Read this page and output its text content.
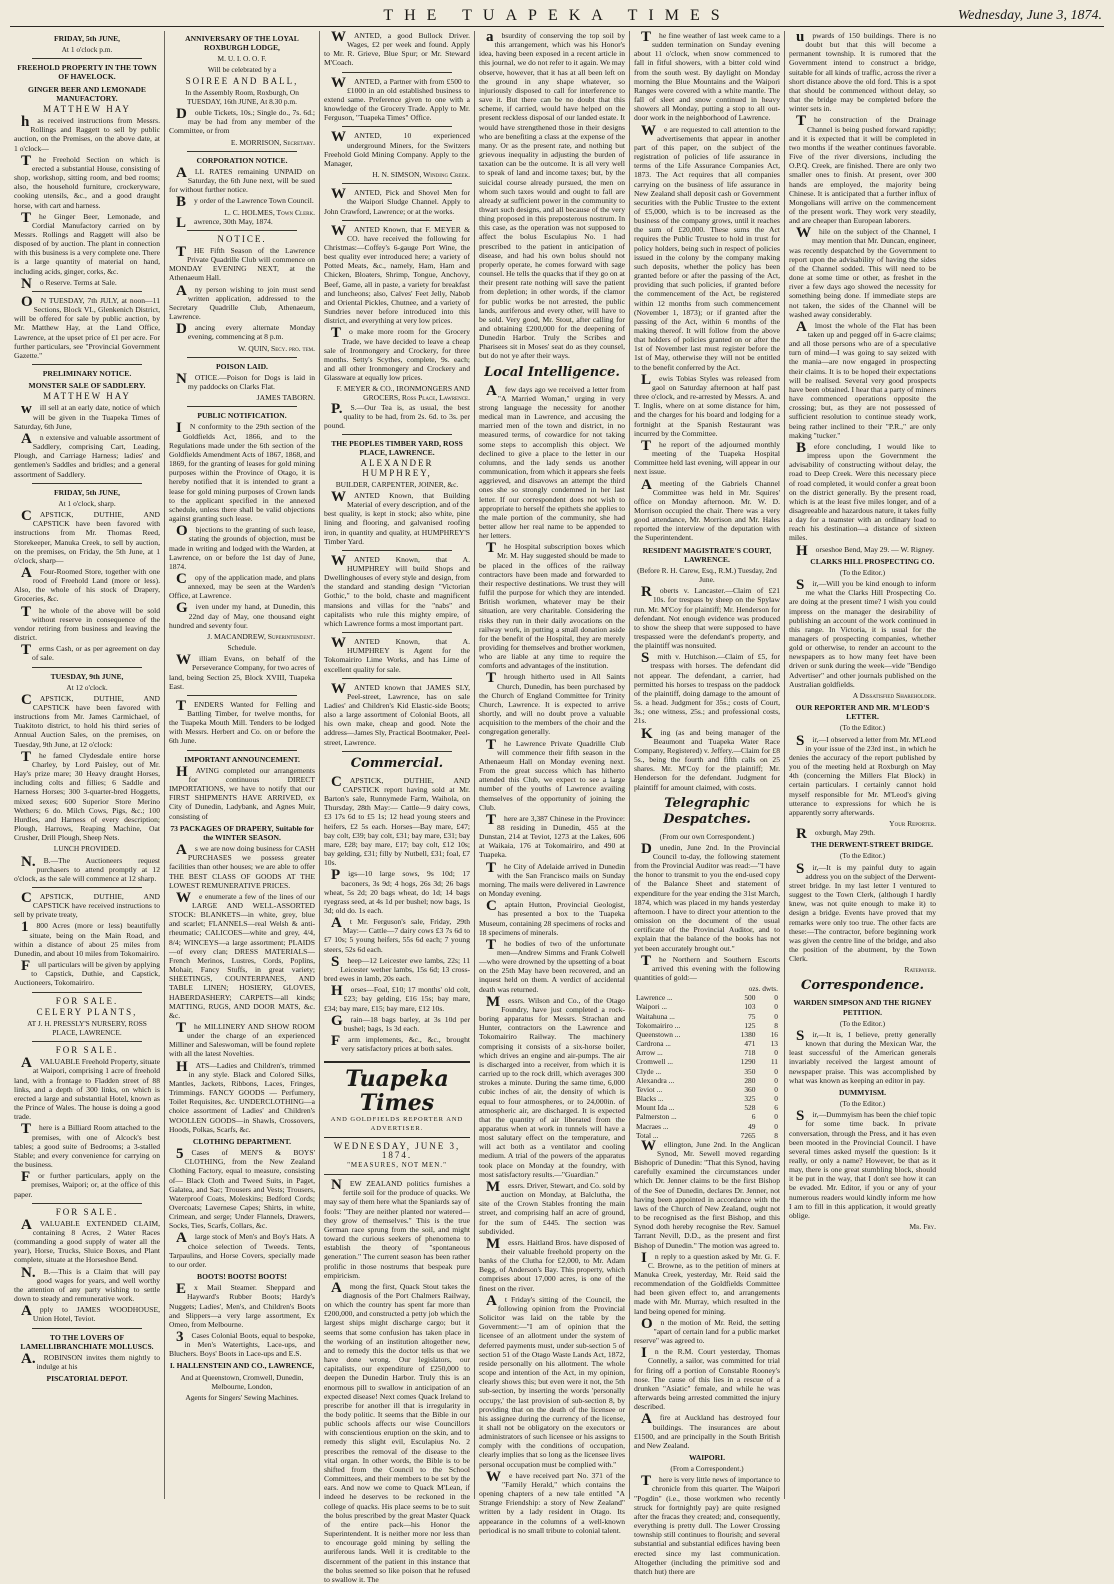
THE TUAPEKA TIMES	Wednesday, June 3, 1874.
FRIDAY, 5th JUNE,
At 1 o'clock p.m.
FREEHOLD PROPERTY IN THE TOWN OF HAVELOCK.
GINGER BEER AND LEMONADE MANUFACTORY.
MATTHEW HAY

has received instructions from Messrs. Rollings and Raggett to sell by public auction, on the Premises, on the above date, at 1 o'clock—

The Freehold Section on which is erected a substantial House, consisting of shop, workshop, sitting room, and bed rooms; also, the household furniture, crockeryware, cooking utensils, &c., and a good draught horse, with cart and harness.

The Ginger Beer, Lemonade, and Cordial Manufactory carried on by Messrs. Rollings and Raggett will also be disposed of by auction. The plant in connection with this business is a very complete one. There is a large quantity of material on hand, including acids, ginger, corks, &c.

No Reserve. Terms at Sale.

ON TUESDAY, 7th JULY, at noon—11 Sections, Block VI., Glenkenich District, will be offered for sale by public auction, by Mr. Matthew Hay, at the Land Office, Lawrence, at the upset price of £1 per acre. For further particulars, see "Provincial Government Gazette."

PRELIMINARY NOTICE.
MONSTER SALE OF SADDLERY.
MATTHEW HAY

will sell at an early date, notice of which will be given in the Tuapeka Times of Saturday, 6th June,

An extensive and valuable assortment of Saddlery, comprising Cart, Leading, Plough, and Carriage Harness; ladies' and gentlemen's Saddles and bridles; and a general assortment of Saddlery.

FRIDAY, 5th JUNE,
At 1 o'clock, sharp.

CAPSTICK, DUTHIE, AND CAPSTICK have been favored with instructions from Mr. Thomas Reed, Storekeeper, Manuka Creek, to sell by auction, on the premises, on Friday, the 5th June, at 1 o'clock, sharp—

AFour-Roomed Store, together with one rood of Freehold Land (more or less). Also, the whole of his stock of Drapery, Groceries, &c.

The whole of the above will be sold without reserve in consequence of the vendor retiring from business and leaving the district.

Terms Cash, or as per agreement on day of sale.

TUESDAY, 9th JUNE,
At 12 o'clock.

CAPSTICK, DUTHIE, AND CAPSTICK have been favored with instructions from Mr. James Carmichael, of Tuakitoto district, to hold his third series of Annual Auction Sales, on the premises, on Tuesday, 9th June, at 12 o'clock:

The famed Clydesdale entire horse Charley, by Lord Paisley, out of Mr. Hay's prize mare; 30 Heavy draught Horses, including colts and fillies; 6 Saddle and Harness Horses; 300 3-quarter-bred Hoggetts, mixed sexes; 600 Superior Store Merino Wethers; 6 do. Milch Cows, Pigs, &c.; 100 Hurdles, and Harness of every description; Plough, Harrows, Reaping Machine, Oat Crusher, Drill Plough, Sheep Nets.

LUNCH PROVIDED.

N.B.—The Auctioneers request purchasers to attend promptly at 12 o'clock, as the sale will commence at 12 sharp.

CAPSTICK, DUTHIE, AND CAPSTICK have received instructions to sell by private treaty,

1800 Acres (more or less) beautifully situate, being on the Main Road, and within a distance of about 25 miles from Dunedin, and about 10 miles from Tokomairiro.

Full particulars will be given by applying to Capstick, Duthie, and Capstick, Auctioneers, Tokomairiro.

FOR SALE.
CELERY PLANTS,
AT J. H. PRESSLY'S NURSERY, ROSS PLACE, LAWRENCE.
FOR SALE.

AVALUABLE Freehold Property, situate at Waipori, comprising 1 acre of freehold land, with a frontage to Fladden street of 88 links, and a depth of 300 links, on which is erected a large and substantial Hotel, known as the Prince of Wales. The house is doing a good trade.

There is a Billiard Room attached to the premises, with one of Alcock's best tables; a good suite of Bedrooms; a 3-stalled Stable; and every convenience for carrying on the business.

For further particulars, apply on the premises, Waipori; or, at the office of this paper.

FOR SALE.

AVALUABLE EXTENDED CLAIM, containing 8 Acres, 2 Water Races (commanding a good supply of water all the year), Horse, Trucks, Sluice Boxes, and Plant complete, situate at the Horseshoe Bend.

N.B.—This is a Claim that will pay good wages for years, and well worthy the attention of any party wishing to settle down to steady and remunerative work.

Apply to JAMES WOODHOUSE, Union Hotel, Teviot.

TO THE LOVERS OF LAMELLIBRANCHIATE MOLLUSCS.

A.ROBINSON invites them nightly to indulge at his

PISCATORIAL DEPOT.
ANNIVERSARY OF THE LOYAL ROXBURGH LODGE,
M. U. I. O. O. F.
Will be celebrated by a
SOIREE AND BALL,
In the Assembly Room, Roxburgh, On TUESDAY, 16th JUNE, At 8.30 p.m.

Double Tickets, 10s.; Single do., 7s. 6d.; may be had from any member of the Committee, or from

E. MORRISON, Secretary.
CORPORATION NOTICE.

ALL RATES remaining UNPAID on Saturday, the 6th June next, will be sued for without further notice.

By order of the Lawrence Town Council.

L. C. HOLMES, Town Clerk.

Lawrence, 30th May, 1874.

NOTICE.

THE Fifth Season of the Lawrence Private Quadrille Club will commence on MONDAY EVENING NEXT, at the Athenaeum Hall.

Any person wishing to join must send written application, addressed to the Secretary Quadrille Club, Athenaeum, Lawrence.

Dancing every alternate Monday evening, commencing at 8 p.m.

W. QUIN, Secy. pro. tem.
POISON LAID.

NOTICE.—Poison for Dogs is laid in my paddocks on Clarks Flat.

JAMES TABORN.
PUBLIC NOTIFICATION.

IN conformity to the 29th section of the Goldfields Act, 1866, and to the Regulations made under the 6th section of the Goldfields Amendment Acts of 1867, 1868, and 1869, for the granting of leases for gold mining purposes within the Province of Otago, it is hereby notified that it is intended to grant a lease for gold mining purposes of Crown lands to the applicant specified in the annexed schedule, unless there shall be valid objections against granting such lease.

Objections to the granting of such lease, stating the grounds of objection, must be made in writing and lodged with the Warden, at Lawrence, on or before the 1st day of June, 1874.

Copy of the application made, and plans annexed, may be seen at the Warden's Office, at Lawrence.

Given under my hand, at Dunedin, this 22nd day of May, one thousand eight hundred and seventy four.

J. MACANDREW, Superintendent.
Schedule.

William Evans, on behalf of the Perseverance Company, for two acres of land, being Section 25, Block XVIII, Tuapeka East.

TENDERS Wanted for Felling and Battling Timber, for twelve months, for the Tuapeka Mouth Mill. Tenders to be lodged with Messrs. Herbert and Co. on or before the 6th June.

IMPORTANT ANNOUNCEMENT.

HAVING completed our arrangements for continuous DIRECT IMPORTATIONS, we have to notify that our FIRST SHIPMENTS HAVE ARRIVED, ex City of Dunedin, Ladybank, and Agnes Muir, consisting of

73 PACKAGES OF DRAPERY, Suitable for the WINTER SEASON.

As we are now doing business for CASH PURCHASES we possess greater facilities than other houses; we are able to offer THE BEST CLASS OF GOODS AT THE LOWEST REMUNERATIVE PRICES.

We enumerate a few of the lines of our LARGE AND WELL-ASSORTED STOCK: BLANKETS—in white, grey, blue and scarlet; FLANNELS—real Welsh & anti-rheumatic; CALICOES—white and grey, 4/4, 8/4; WINCEYS—a large assortment; PLAIDS—of every clan; DRESS MATERIALS—French Merinos, Lustres, Cords, Poplins, Mohair, Fancy Stuffs, in great variety; SHEETINGS, COUNTERPANES, AND TABLE LINEN; HOSIERY, GLOVES, HABERDASHERY; CARPETS—all kinds; MATTING, RUGS, AND DOOR MATS, &c. &c.

The MILLINERY AND SHOW ROOM under the charge of an experienced Milliner and Saleswoman, will be found replete with all the latest Novelties.

HATS—Ladies and Children's, trimmed in any style. Black and Colored Silks, Mantles, Jackets, Ribbons, Laces, Fringes, Trimmings. FANCY GOODS — Perfumery, Toilet Requisites, &c. UNDERCLOTHING—a choice assortment of Ladies' and Children's WOOLLEN GOODS—in Shawls, Crossovers, Hoods, Polkas, Scarfs, &c.

CLOTHING DEPARTMENT.

5Cases of MEN'S & BOYS' CLOTHING, from the New Zealand Clothing Factory, equal to measure, consisting of— Black Cloth and Tweed Suits, in Paget, Galatea, and Sac; Trousers and Vests; Trousers, Waterproof Coats, Moleskins; Bedford Cords; Overcoats; Lavernese Capes; Shirts, in white, Crimean, and serge; Under Flannels, Drawers, Socks, Ties, Scarfs, Collars, &c.

Alarge stock of Men's and Boy's Hats. A choice selection of Tweeds. Tents, Tarpaulins, and Horse Covers, specially made to our order.

BOOTS! BOOTS! BOOTS!

Ex Mail Steamer. Sheppard and Hayward's Rubber Boots; Hardy's Nuggets; Ladies', Men's, and Children's Boots and Slippers—a very large assortment, Ex Omeo, from Melbourne.

3Cases Colonial Boots, equal to bespoke, in Men's Watertights, Lace-ups, and Bluchers. Boys' Boots in Lace-ups and E.S.

I. HALLENSTEIN AND CO., LAWRENCE,
And at Queenstown, Cromwell, Dunedin, Melbourne, London,
Agents for Singers' Sewing Machines.

WANTED, a good Bullock Driver. Wages, £2 per week and found. Apply to Mr. R. Grieve, Blue Spur; or Mr. Steward M'Coach.

WANTED, a Partner with from £500 to £1000 in an old established business to extend same. Preference given to one with a knowledge of the Grocery Trade. Apply to Mr. Ferguson, "Tuapeka Times" Office.

WANTED, 10 experienced underground Miners, for the Switzers Freehold Gold Mining Company. Apply to the Manager,

H. N. SIMSON, Winding Creek.

WANTED, Pick and Shovel Men for the Waipori Sludge Channel. Apply to John Crawford, Lawrence; or at the works.

WANTED Known, that F. MEYER & CO. have received the following for Christmas:—Coffey's 6-gauge Port Wine, the best quality ever introduced here; a variety of Potted Meats, &c., namely, Ham, Ham and Chicken, Bloaters, Shrimp, Tongue, Anchovy, Beef, Game, all in paste, a variety for breakfast and luncheons; also, Calves' Feet Jelly, Nabob and Oriental Pickles, Chutnee, and a variety of Sundries never before introduced into this district, and everything at very low prices.

To make more room for the Grocery Trade, we have decided to leave a cheap sale of Ironmongery and Crockery, for three months. Setty's Scythes, complete, 9s. each; and all other Ironmongery and Crockery and Glassware at equally low prices.

F. MEYER & CO., IRONMONGERS AND GROCERS, Ross Place, Lawrence.

P.S.—Our Tea is, as usual, the best quality to be had, from 2s. 6d. to 3s. per pound.

THE PEOPLES TIMBER YARD, ROSS PLACE, LAWRENCE.
ALEXANDER HUMPHREY,
BUILDER, CARPENTER, JOINER, &c.

WANTED Known, that Building Material of every description, and of the best quality, is kept in stock; also white, pine lining and flooring, and galvanised roofing iron, in quantity and quality, at HUMPHREY'S Timber Yard.

WANTED Known, that A. HUMPHREY will build Shops and Dwellinghouses of every style and design, from the standard and standing design "Victorian Gothic," to the bold, chaste and magnificent mansions and villas for the "nabs" and capitalists who rule this mighty empire, of which Lawrence forms a most important part.

WANTED Known, that A. HUMPHREY is Agent for the Tokomairiro Lime Works, and has Lime of excellent quality for sale.

WANTED known that JAMES SLY, Peel-street, Lawrence, has on sale Ladies' and Children's Kid Elastic-side Boots; also a large assortment of Colonial Boots, all his own make, cheap and good. Note the address—James Sly, Practical Bootmaker, Peel-street, Lawrence.

Commercial.

CAPSTICK, DUTHIE, AND CAPSTICK report having sold at Mr. Barton's sale, Runnymede Farm, Waihola, on Thursday, 28th May:— Cattle—9 dairy cows, £3 17s 6d to £5 1s; 12 head young steers and heifers, £2 5s each. Horses—Bay mare, £47; bay colt, £39; bay colt, £31; bay mare, £31; bay mare, £28; bay mare, £17; bay colt, £12 10s; bay gelding, £31; filly by Nutbell, £31; foal, £7 10s.

Pigs—10 large sows, 9s 10d; 17 baconers, 3s 9d; 4 hogs, 26s 3d; 26 bags wheat, 5s 2d; 20 bags wheat, do 1d; 14 bags ryegrass seed, at 4s 1d per bushel; now bags, 1s 3d; old do. 1s each.

At Mr. Ferguson's sale, Friday, 29th May:— Cattle—7 dairy cows £3 7s 6d to £7 10s; 5 young heifers, 55s 6d each; 7 young steers, 52s 6d each.

Sheep—12 Leicester ewe lambs, 22s; 11 Leicester wether lambs, 15s 6d; 13 cross-bred ewes in lamb, 20s each.

Horses—Foal, £10; 17 months' old colt, £23; bay gelding, £16 15s; bay mare, £34; bay mare, £15; bay mare, £12 10s.

Grain—18 bags barley, at 3s 10d per bushel; bags, 1s 3d each.

Farm implements, &c., &c., brought very satisfactory prices at both sales.

Tuapeka Times
AND GOLDFIELDS REPORTER AND ADVERTISER.
WEDNESDAY, JUNE 3, 1874.
"MEASURES, NOT MEN."

NEW ZEALAND politics furnishes a fertile soil for the produce of quacks. We may say of them here what the Spaniards say of fools: "They are neither planted nor watered—they grow of themselves." This is the true German race sprung from the soil, and might toward the curious seekers of phenomena to establish the theory of "spontaneous generation." The current season has been rather prolific in those nostrums that bespeak pure empiricism.

Among the first, Quack Stout takes the diagnosis of the Port Chalmers Railway, on which the country has spent far more than £200,000, and constructed a petty job which the largest ships might discharge cargo; but it seems that some confusion has taken place in the working of an institution altogether new, and to remedy this the doctor tells us that we have done wrong. Our legislators, our capitalists, our expenditure of £250,000 to deepen the Dunedin Harbor. Truly this is an enormous pill to swallow in anticipation of an expected disease! Next comes Quack Ireland to prescribe for another ill that is irregularity in the body politic. It seems that the Bible in our public schools affects our wise Councillors with conscientious eruption on the skin, and to remedy this slight evil, Esculapius No. 2 prescribes the removal of the disease to the vital organ. In other words, the Bible is to be shifted from the Council to the School Committees, and their members to be set by the ears. And now we come to Quack M'Lean, if indeed he deserves to be reckoned in the college of quacks. His place seems to be to suit the bolus prescribed by the great Master Quack of the entire pack—his Honor the Superintendent. It is neither more nor less than to encourage gold mining by selling the auriferous lands. Well it is creditable to the discernment of the patient in this instance that the bolus seemed so like poison that he refused to swallow it. The

absurdity of conserving the top soil by this arrangement, which was his Honor's idea, having been exposed in a recent article in this journal, we do not refer to it again. We may observe, however, that it has at all been left on the ground in any shape whatever, so injuriously disposed to call for interference to save it. But there can be no doubt that this scheme, if carried, would have helped on the present reckless disposal of our landed estate. It would have strengthened those in their designs who are benefiting a class at the expense of the many. Or as the present rate, and nothing but grievous inequality in adjusting the burden of taxation can be the outcome. It is all very well to speak of land and income taxes; but, by the suicidal course already pursued, the men on whom such taxes would and ought to fall are already at sufficient power in the community to thwart such designs, and all because of the very thing proposed in this preposterous nostrum. In this case, as the operation was not supposed to affect the bolus Esculapius No. 1 had prescribed to the patient in anticipation of disease, and had his own bolus should not properly operate, he comes forward with sage counsel. He tells the quacks that if they go on at their present rate nothing will save the patient from depletion; in other words, if the clamor for public works be not arrested, the public lands, auriferous and every other, will have to be sold. Very good, Mr. Stout, after calling for and obtaining £200,000 for the deepening of Dunedin Harbor. Truly the Scribes and Pharisees sit in Moses' seat do as they counsel, but do not ye after their ways.

Local Intelligence.

Afew days ago we received a letter from "A Married Woman," urging in very strong language the necessity for another medical man in Lawrence, and accusing the married men of the town and district, in no measured terms, of cowardice for not taking some steps to accomplish this object. We declined to give a place to the letter in our columns, and the lady sends us another communication, from which it appears she feels aggrieved, and disavows an attempt the third ones she so strongly condemned in her last letter. If our correspondent does not wish to appropriate to herself the epithets she applies to the male portion of the community, she had better allow her real name to be appended to her letters.

The Hospital subscription boxes which Mr. M. Hay suggested should be made to be placed in the offices of the railway contractors have been made and forwarded to their respective destinations. We trust they will fulfil the purpose for which they are intended. British workmen, whatever may be their situation, are very charitable. Considering the risks they run in their daily avocations on the railway work, in putting a small donation aside for the benefit of the Hospital, they are merely providing for themselves and brother workmen, who are liable at any time to require the comforts and advantages of the institution.

Through hitherto used in All Saints Church, Dunedin, has been purchased by the Church of England Committee for Trinity Church, Lawrence. It is expected to arrive shortly, and will no doubt prove a valuable acquisition to the members of the choir and the congregation generally.

The Lawrence Private Quadrille Club will commence their fifth season in the Athenaeum Hall on Monday evening next. From the great success which has hitherto attended this Club, we expect to see a large number of the youths of Lawrence availing themselves of the opportunity of joining the Club.

There are 3,387 Chinese in the Province: 88 residing in Dunedin, 455 at the Dunstan, 214 at Teviot, 1273 at the Lakes, 606 at Waikaia, 176 at Tokomairiro, and 490 at Tuapeka.

The City of Adelaide arrived in Dunedin with the San Francisco mails on Sunday morning. The mails were delivered in Lawrence on Monday evening.

Captain Hutton, Provincial Geologist, has presented a box to the Tuapeka Museum, containing 28 specimens of rocks and 18 specimens of minerals.

The bodies of two of the unfortunate men—Andrew Simms and Frank Colwell—who were drowned by the upsetting of a boat on the 25th May have been recovered, and an inquest held on them. A verdict of accidental death was returned.

Messrs. Wilson and Co., of the Otago Foundry, have just completed a rock-boring apparatus for Messrs. Strachan and Hunter, contractors on the Lawrence and Tokomairiro Railway. The machinery comprising it consists of a six-horse boiler, which drives an engine and air-pumps. The air is discharged into a receiver, from which it is carried up to the rock drill, which averages 300 strokes a minute. During the same time, 6,000 cubic inches of air, the density of which is equal to four atmospheres, or to 24,000in. of atmospheric air, are discharged. It is expected that the quantity of air liberated from the apparatus when at work in tunnels will have a most salutary effect on the temperature, and will act both as a ventilator and cooling medium. A trial of the powers of the apparatus took place on Monday at the foundry, with most satisfactory results.—"Guardian."

Messrs. Driver, Stewart, and Co. sold by auction on Monday, at Balclutha, the site of the Crown Stables fronting the main street, and comprising half an acre of ground, for the sum of £445. The section was subdivided.

Messrs. Haitland Bros. have disposed of their valuable freehold property on the banks of the Clutha for £2,000, to Mr. Adam Begg, of Anderson's Bay. This property, which comprises about 17,000 acres, is one of the finest on the river.

At Friday's sitting of the Council, the following opinion from the Provincial Solicitor was laid on the table by the Government:—"I am of opinion that the licensee of an allotment under the system of deferred payments must, under sub-section 5 of section 51 of the Otago Waste Lands Act, 1872, reside personally on his allotment. The whole scope and intention of the Act, in my opinion, clearly shows this; but even were it not, the 5th sub-section, by inserting the words 'personally occupy,' the last provision of sub-section 8, by providing that on the death of the licensee or his assignee during the currency of the license, it shall not be obligatory on the executors or administrators of such licensee or his assigns to comply with the conditions of occupation, clearly implies that so long as the licensee lives personal occupation must be complied with."

We have received part No. 371 of the "Family Herald," which contains the opening chapters of a new tale entitled "A Strange Friendship: a story of New Zealand" written by a lady resident in Otago. Its appearance in the columns of a well-known periodical is no small tribute to colonial talent.

The fine weather of last week came to a sudden termination on Sunday evening about 11 o'clock, when snow commenced to fall in fitful showers, with a bitter cold wind from the south west. By daylight on Monday morning the Blue Mountains and the Waipori Ranges were covered with a white mantle. The fall of sleet and snow continued in heavy showers all Monday, putting a stop to all out-door work in the neighborhood of Lawrence.

We are requested to call attention to the advertisements that appear in another part of this paper, on the subject of the registration of policies of life assurance in terms of the Life Assurance Companies Act, 1873. The Act requires that all companies carrying on the business of life assurance in New Zealand shall deposit cash or Government securities with the Public Trustee to the extent of £5,000, which is to be increased as the business of the company grows, until it reaches the sum of £20,000. These sums the Act requires the Public Trustee to hold in trust for policy holders, being such in respect of policies issued in the colony by the company making such deposits, whether the policy has been granted before or after the passing of the Act, providing that such policies, if granted before the commencement of the Act, be registered within 12 months from such commencement (November 1, 1873); or if granted after the passing of the Act, within 6 months of the making thereof. It will follow from the above that holders of policies granted on or after the 1st of November last must register before the 1st of May, otherwise they will not be entitled to the benefit conferred by the Act.

Lewis Tobias Styles was released from gaol on Saturday afternoon at half past three o'clock, and re-arrested by Messrs. A. and T. Inglis, where on at some distance for him, and the charges for his board and lodging for a fortnight at the Spanish Restaurant was incurred by the Committee.

The report of the adjourned monthly meeting of the Tuapeka Hospital Committee held last evening, will appear in our next issue.

Ameeting of the Gabriels Channel Committee was held in Mr. Squires' office on Monday afternoon. Mr. W. D. Morrison occupied the chair. There was a very good attendance, Mr. Morrison and Mr. Hales reported the interview of the deputation with the Superintendent.

RESIDENT MAGISTRATE'S COURT, LAWRENCE.
(Before R. H. Carew, Esq., R.M.) Tuesday, 2nd June.

Roberts v. Lancaster.—Claim of £21 10s. for trespass by sheep on the Spylaw run. Mr. M'Coy for plaintiff; Mr. Henderson for defendant. Not enough evidence was produced to show the sheep that were supposed to have trespassed were the defendant's property, and the plaintiff was nonsuited.

Smith v. Hutchison.—Claim of £5, for trespass with horses. The defendant did not appear. The defendant, a carrier, had permitted his horses to trespass on the paddock of the plaintiff, doing damage to the amount of 5s. a head. Judgment for 35s.; costs of Court, 3s.; one witness, 25s.; and professional costs, 21s.

King (as and being manager of the Beaumont and Tuapeka Water Race Company, Registered) v. Jeffery.—Claim for £8 5s., being the fourth and fifth calls on 25 shares. Mr. M'Coy for the plaintiff; Mr. Henderson for the defendant. Judgment for plaintiff for amount claimed, with costs.

Telegraphic Despatches.
(From our own Correspondent.)

Dunedin, June 2nd. In the Provincial Council to-day, the following statement from the Provincial Auditor was read:—"I have the honor to transmit to you the end-used copy of the Balance Sheet and statement of expenditure for the year ending the 31st March, 1874, which was placed in my hands yesterday afternoon. I have to direct your attention to the omission on the document of the usual certificate of the Provincial Auditor, and to explain that the balance of the books has not yet been accurately brought out."

The Northern and Southern Escorts arrived this evening with the following quantities of gold:—

	ozs. dwts.	
Lawrence ...	500	0
Waipori ...	103	0
Waitahuna ...	75	0
Tokomairiro ...	125	8
Queenstown ...	1380	16
Cardrona ...	471	13
Arrow ...	718	0
Cromwell ...	1290	11
Clyde ...	350	0
Alexandra ...	280	0
Teviot ...	360	0
Blacks ...	325	0
Mount Ida ...	528	6
Palmerston ...	6	0
Macraes ...	49	0
Total ...	7265	8

Wellington, June 2nd. In the Anglican Synod, Mr. Sewell moved regarding Bishopric of Dunedin: "That this Synod, having carefully examined the circumstances under which Dr. Jenner claims to be the first Bishop of the See of Dunedin, declares Dr. Jenner, not having been appointed in accordance with the laws of the Church of New Zealand, ought not to be recognised as the first Bishop, and this Synod doth hereby recognise the Rev. Samuel Tarrant Nevill, D.D., as the present and first Bishop of Dunedin." The motion was agreed to.

In reply to a question asked by Mr. G. F. C. Browne, as to the petition of miners at Manuka Creek, yesterday, Mr. Reid said the recommendation of the Goldfields Committee had been given effect to, and arrangements made with Mr. Murray, which resulted in the land being opened for mining.

On the motion of Mr. Reid, the setting "apart of certain land for a public market reserve" was agreed to.

In the R.M. Court yesterday, Thomas Connelly, a sailor, was committed for trial for firing off a portion of Constable Rooney's nose. The cause of this lies in a rescue of a drunken "Asiatic" female, and while he was afterwards being arrested committed the injury described.

Afire at Auckland has destroyed four buildings. The insurances are about £1500, and are principally in the South British and New Zealand.

WAIPORI.
(From a Correspondent.)

There is very little news of importance to chronicle from this quarter. The Waipori "Pogdin" (i.e., those workmen who recently struck for fortnightly pay) are quite resigned after the fracas they created; and, consequently, everything is pretty dull. The Lower Crossing township still continues to flourish; and several substantial and substantial edifices having been erected since my last communication. Altogether (including the primitive sod and thatch hut) there are

upwards of 150 buildings. There is no doubt but that this will become a permanent township. It is rumored that the Government intend to construct a bridge, suitable for all kinds of traffic, across the river a short distance above the old ford. This is a spot that should be commenced without delay, so that the bridge may be completed before the winter sets in.

The construction of the Drainage Channel is being pushed forward rapidly; and it is expected that it will be completed in two months if the weather continues favorable. Five of the river diversions, including the O.P.Q. Creek, are finished. There are only two smaller ones to finish. At present, over 300 hands are employed, the majority being Chinese. It is anticipated that a further influx of Mongolians will arrive on the commencement of the present work. They work very steadily, and are cheaper than European laborers.

While on the subject of the Channel, I may mention that Mr. Duncan, engineer, was recently despatched by the Government to report upon the advisability of having the sides of the Channel sodded. This will need to be done at some time or other, as freshet in the river a few days ago showed the necessity for something being done. If immediate steps are not taken, the sides of the Channel will be washed away considerably.

Almost the whole of the Flat has been taken up and pegged off in 6-acre claims; and all those persons who are of a speculative turn of mind—I was going to say seized with the mania—are now engaged in prospecting their claims. It is to be hoped their expectations will be realised. Several very good prospects have been obtained. I hear that a party of miners have commenced operations opposite the crossing; but, as they are not possessed of sufficient resolution to continue steady work, being rather inclined to their "P.R.," are only making "tucker."

Before concluding, I would like to impress upon the Government the advisability of constructing without delay, the road to Deep Creek. Were this necessary piece of road completed, it would confer a great boon on the district generally. By the present road, which is at the least five miles longer, and of a disagreeable and hazardous nature, it takes fully a day for a teamster with an ordinary load to reach his destination—a distance of sixteen miles.

Horseshoe Bend, May 29. — W. Rigney.

CLARKS HILL PROSPECTING CO.
(To the Editor.)

Sir,—Will you be kind enough to inform me what the Clarks Hill Prospecting Co. are doing at the present time? I wish you could impress on the manager the desirability of publishing an account of the work continued in this range. In Victoria, it is usual for the managers of prospecting companies, whether gold or otherwise, to render an account to the newspapers as to how many feet have been driven or sunk during the week—vide "Bendigo Advertiser" and other journals published on the Australian goldfields.

A Dissatisfied Shareholder.
OUR REPORTER AND MR. M'LEOD'S LETTER.
(To the Editor.)

Sir,—I observed a letter from Mr. M'Leod in your issue of the 23rd inst., in which he denies the accuracy of the report published by you of the meeting held at Roxburgh on May 4th (concerning the Millers Flat Block) in certain particulars. I certainly cannot hold myself responsible for Mr. M'Leod's giving utterance to expressions for which he is apparently sorry afterwards.

Your Reporter.

Roxburgh, May 29th.

THE DERWENT-STREET BRIDGE.
(To the Editor.)

Sir,—It is my painful duty to again address you on the subject of the Derwent-street bridge. In my last letter I ventured to suggest to the Town Clerk, (although I hardly knew, was not quite enough to make it) to design a bridge. Events have proved that my remarks were only too true. The other facts are these:—The contractor, before beginning work was given the centre line of the bridge, and also the position of the abutment, by the Town Clerk.

Ratepayer.
Correspondence.
WARDEN SIMPSON AND THE RIGNEY PETITION.
(To the Editor.)

Sir,—It is, I believe, pretty generally known that during the Mexican War, the least successful of the American generals invariably received the largest amount of newspaper praise. This was accomplished by what was known as keeping an editor in pay.

DUMMYISM.
(To the Editor.)

Sir,—Dummyism has been the chief topic for some time back. In private conversation, through the Press, and it has even been mooted in the Provincial Council. I have several times asked myself the question: Is it really, or only a name? However, be that as it may, there is one great stumbling block, should it be put in the way, that I don't see how it can be evaded. Mr. Editor, if you or any of your numerous readers would kindly inform me how I am to fill in this application, it would greatly oblige.

Mr. Fry.
